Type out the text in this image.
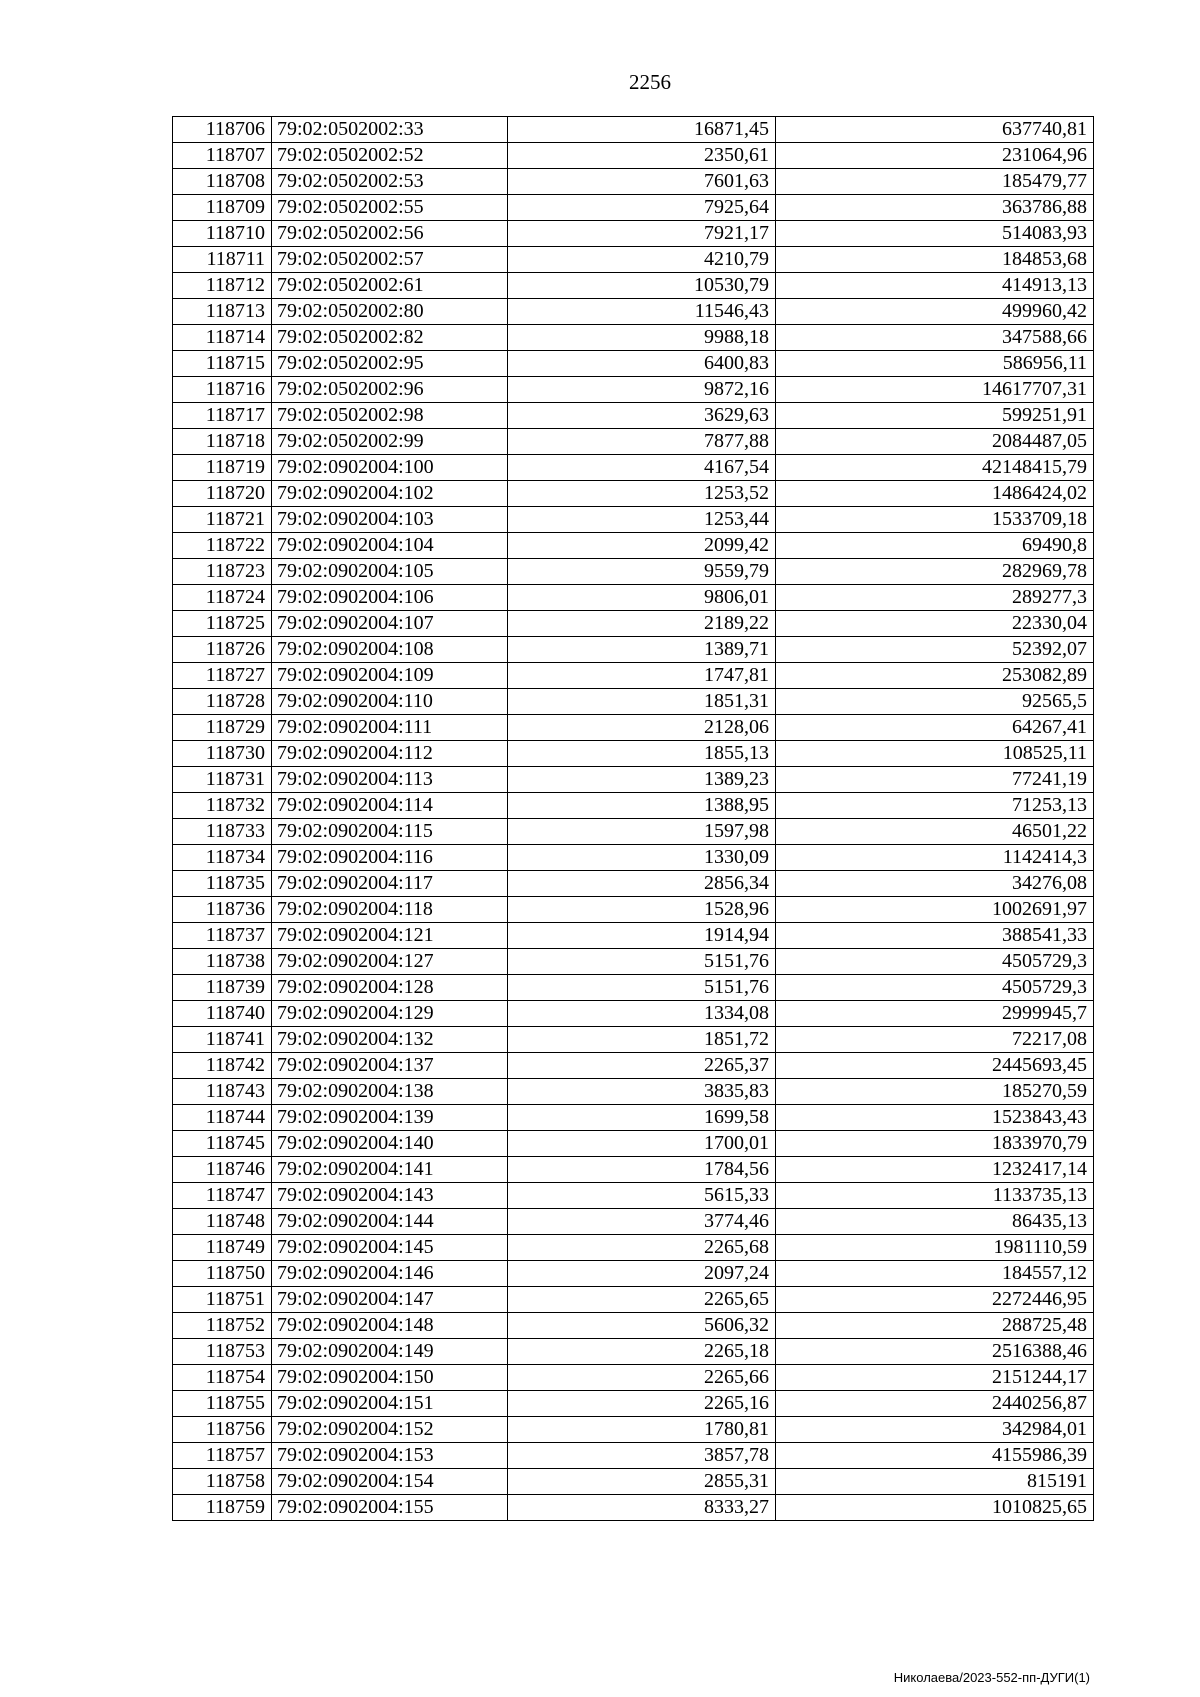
2256
118706	79:02:0502002:33	16871,45	637740,81
118707	79:02:0502002:52	2350,61	231064,96
118708	79:02:0502002:53	7601,63	185479,77
118709	79:02:0502002:55	7925,64	363786,88
118710	79:02:0502002:56	7921,17	514083,93
118711	79:02:0502002:57	4210,79	184853,68
118712	79:02:0502002:61	10530,79	414913,13
118713	79:02:0502002:80	11546,43	499960,42
118714	79:02:0502002:82	9988,18	347588,66
118715	79:02:0502002:95	6400,83	586956,11
118716	79:02:0502002:96	9872,16	14617707,31
118717	79:02:0502002:98	3629,63	599251,91
118718	79:02:0502002:99	7877,88	2084487,05
118719	79:02:0902004:100	4167,54	42148415,79
118720	79:02:0902004:102	1253,52	1486424,02
118721	79:02:0902004:103	1253,44	1533709,18
118722	79:02:0902004:104	2099,42	69490,8
118723	79:02:0902004:105	9559,79	282969,78
118724	79:02:0902004:106	9806,01	289277,3
118725	79:02:0902004:107	2189,22	22330,04
118726	79:02:0902004:108	1389,71	52392,07
118727	79:02:0902004:109	1747,81	253082,89
118728	79:02:0902004:110	1851,31	92565,5
118729	79:02:0902004:111	2128,06	64267,41
118730	79:02:0902004:112	1855,13	108525,11
118731	79:02:0902004:113	1389,23	77241,19
118732	79:02:0902004:114	1388,95	71253,13
118733	79:02:0902004:115	1597,98	46501,22
118734	79:02:0902004:116	1330,09	1142414,3
118735	79:02:0902004:117	2856,34	34276,08
118736	79:02:0902004:118	1528,96	1002691,97
118737	79:02:0902004:121	1914,94	388541,33
118738	79:02:0902004:127	5151,76	4505729,3
118739	79:02:0902004:128	5151,76	4505729,3
118740	79:02:0902004:129	1334,08	2999945,7
118741	79:02:0902004:132	1851,72	72217,08
118742	79:02:0902004:137	2265,37	2445693,45
118743	79:02:0902004:138	3835,83	185270,59
118744	79:02:0902004:139	1699,58	1523843,43
118745	79:02:0902004:140	1700,01	1833970,79
118746	79:02:0902004:141	1784,56	1232417,14
118747	79:02:0902004:143	5615,33	1133735,13
118748	79:02:0902004:144	3774,46	86435,13
118749	79:02:0902004:145	2265,68	1981110,59
118750	79:02:0902004:146	2097,24	184557,12
118751	79:02:0902004:147	2265,65	2272446,95
118752	79:02:0902004:148	5606,32	288725,48
118753	79:02:0902004:149	2265,18	2516388,46
118754	79:02:0902004:150	2265,66	2151244,17
118755	79:02:0902004:151	2265,16	2440256,87
118756	79:02:0902004:152	1780,81	342984,01
118757	79:02:0902004:153	3857,78	4155986,39
118758	79:02:0902004:154	2855,31	815191
118759	79:02:0902004:155	8333,27	1010825,65
Николаева/2023-552-пп-ДУГИ(1)
